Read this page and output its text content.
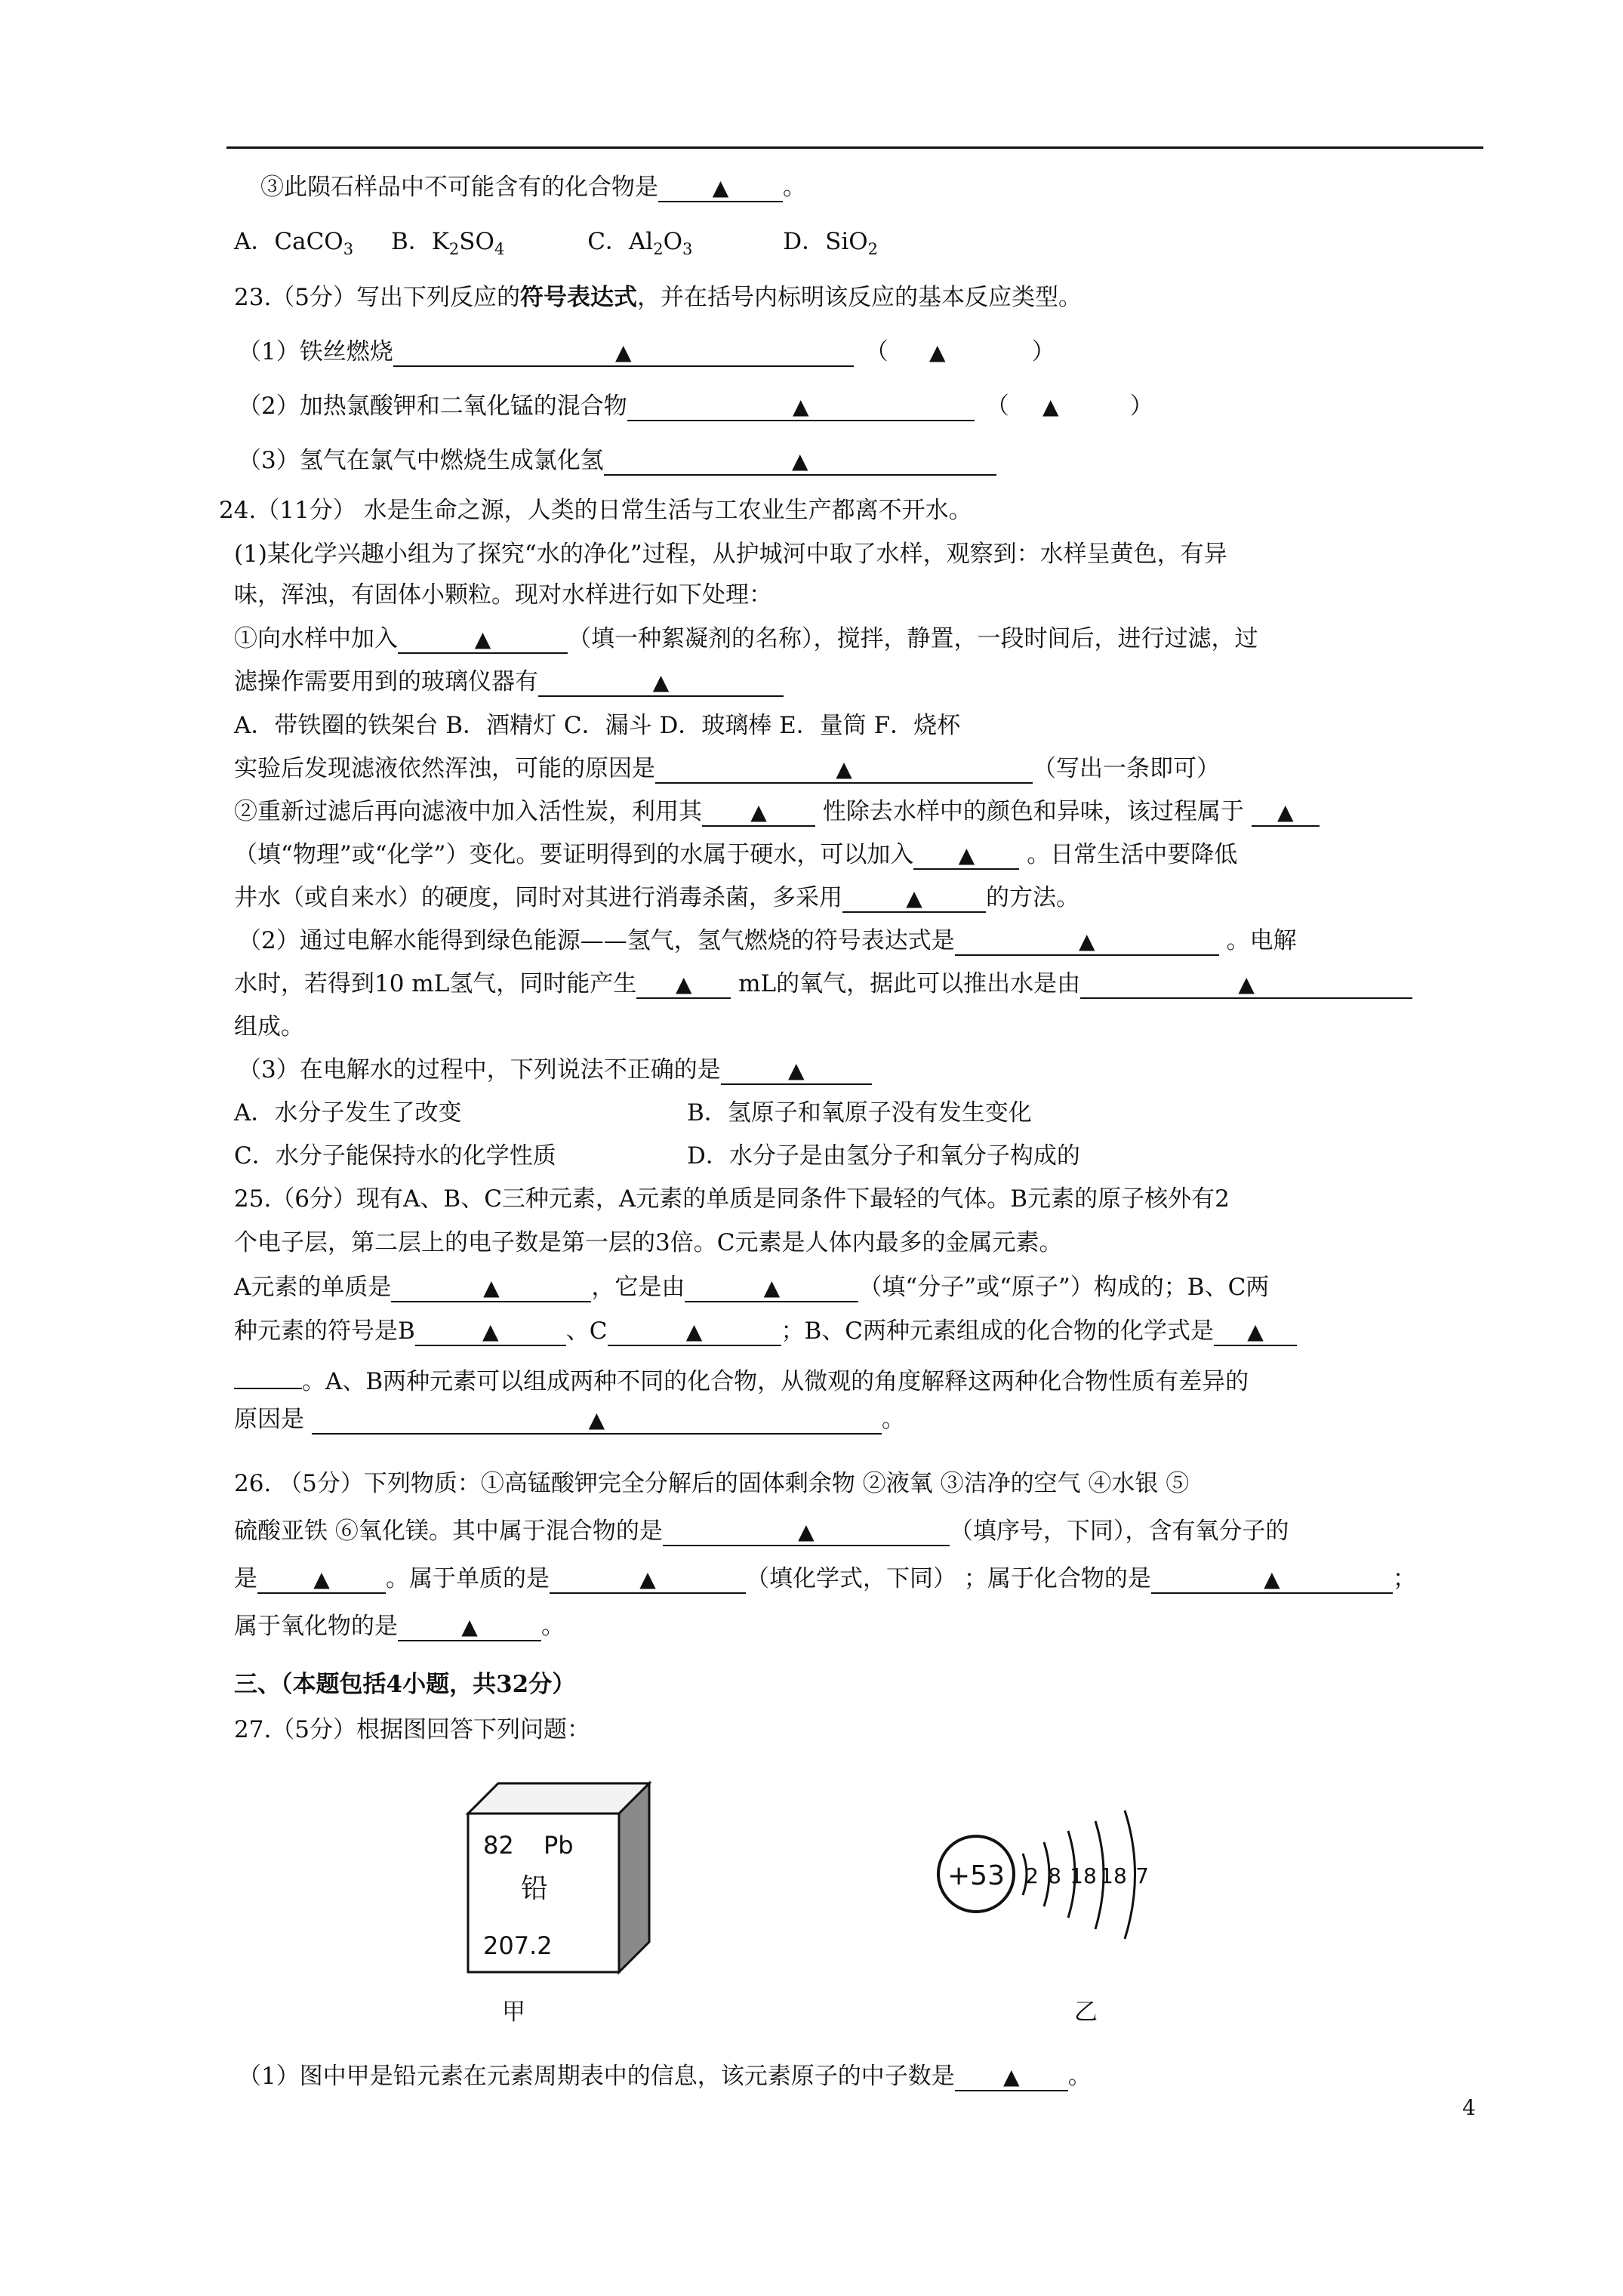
③此陨石样品中不可能含有的化合物是	▲ 。
A．CaCO$_3$ B．$K_2SO_4$	C．$Al_2O_3$	D．SiO$_2$
23.（5分）写出下列反应的符号表达式，并在括号内标明该反应的基本反应类型。
（1）铁丝燃烧	▲	（ ▲	）
（2）加热氯酸钾和二氧化锰的混合物	▲	（ ▲	）
（3）氢气在氯气中燃烧生成氯化氢	▲
24.（11分） 水是生命之源，人类的日常生活与工农业生产都离不开水。
(1)某化学兴趣小组为了探究“水的净化”过程，从护城河中取了水样，观察到：水样呈黄色，有异
味，浑浊，有固体小颗粒。现对水样进行如下处理：
①向水样中加入	▲	（填一种絮凝剂的名称），搅拌，静置，一段时间后，进行过滤，过
滤操作需要用到的玻璃仪器有	▲
A．带铁圈的铁架台 B．酒精灯 C．漏斗 D．玻璃棒 E．量筒 F．烧杯
实验后发现滤液依然浑浊，可能的原因是	▲	（写出一条即可）
②重新过滤后再向滤液中加入活性炭，利用其 ▲ 性除去水样中的颜色和异味，该过程属于 ▲
（填“物理”或“化学”）变化。要证明得到的水属于硬水，可以加入 ▲ 。日常生活中要降低
井水（或自来水）的硬度，同时对其进行消毒杀菌，多采用	▲	的方法。
（2）通过电解水能得到绿色能源——氢气，氢气燃烧的符号表达式是	▲	。电解
水时，若得到10 mL氢气，同时能产生 ▲ mL的氧气，据此可以推出水是由	▲
组成。
（3）在电解水的过程中，下列说法不正确的是	▲
A．水分子发生了改变	B．氢原子和氧原子没有发生变化
C．水分子能保持水的化学性质	D．水分子是由氢分子和氧分子构成的
25.（6分）现有A、B、C三种元素，A元素的单质是同条件下最轻的气体。B元素的原子核外有2
个电子层，第二层上的电子数是第一层的3倍。C元素是人体内最多的金属元素。
A元素的单质是	▲	，它是由	▲	（填“分子”或“原子”）构成的；B、C两
种元素的符号是B	▲	、C	▲	；B、C两种元素组成的化合物的化学式是 ▲
。A、B两种元素可以组成两种不同的化合物，从微观的角度解释这两种化合物性质有差异的
原因是	▲	。
26. （5分）下列物质：①高锰酸钾完全分解后的固体剩余物 ②液氧 ③洁净的空气 ④水银 ⑤
硫酸亚铁 ⑥氧化镁。其中属于混合物的是	▲	（填序号，下同），含有氧分子的
是	▲ 。属于单质的是	▲	（填化学式，下同） ；属于化合物的是	▲	；
属于氧化物的是	▲	。
三、（本题包括4小题，共32分）
27.（5分）根据图回答下列问题：
82 Pb
铅
207.2
甲
+53 2 8 18 18 7
乙
（1）图中甲是铅元素在元素周期表中的信息，该元素原子的中子数是 ▲ 。
4
